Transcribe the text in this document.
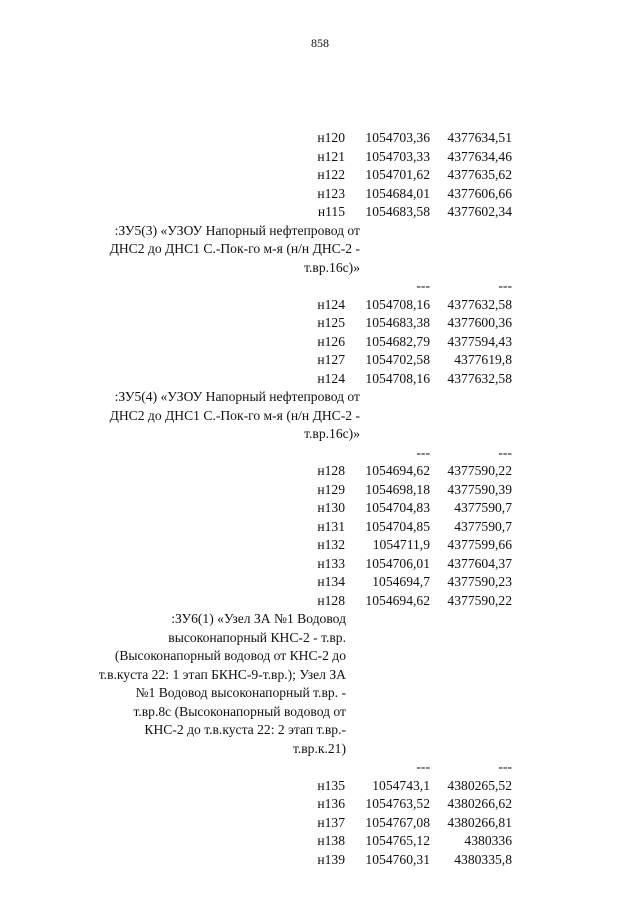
858
н120	1054703,36	4377634,51
н121	1054703,33	4377634,46
н122	1054701,62	4377635,62
н123	1054684,01	4377606,66
н115	1054683,58	4377602,34
:ЗУ5(3) «УЗОУ Напорный нефтепровод от
ДНС2 до ДНС1 С.-Пок-го м-я (н/н ДНС-2 -
т.вр.16с)»
---	---
н124	1054708,16	4377632,58
н125	1054683,38	4377600,36
н126	1054682,79	4377594,43
н127	1054702,58	4377619,8
н124	1054708,16	4377632,58
:ЗУ5(4) «УЗОУ Напорный нефтепровод от
ДНС2 до ДНС1 С.-Пок-го м-я (н/н ДНС-2 -
т.вр.16с)»
---	---
н128	1054694,62	4377590,22
н129	1054698,18	4377590,39
н130	1054704,83	4377590,7
н131	1054704,85	4377590,7
н132	1054711,9	4377599,66
н133	1054706,01	4377604,37
н134	1054694,7	4377590,23
н128	1054694,62	4377590,22
:ЗУ6(1) «Узел ЗА №1 Водовод
высоконапорный КНС-2 - т.вр.
(Высоконапорный водовод от КНС-2 до
т.в.куста 22: 1 этап БКНС-9-т.вр.); Узел ЗА
№1 Водовод высоконапорный т.вр. -
т.вр.8с (Высоконапорный водовод от
КНС-2 до т.в.куста 22: 2 этап т.вр.-
т.вр.к.21)
---	---
н135	1054743,1	4380265,52
н136	1054763,52	4380266,62
н137	1054767,08	4380266,81
н138	1054765,12	4380336
н139	1054760,31	4380335,8
